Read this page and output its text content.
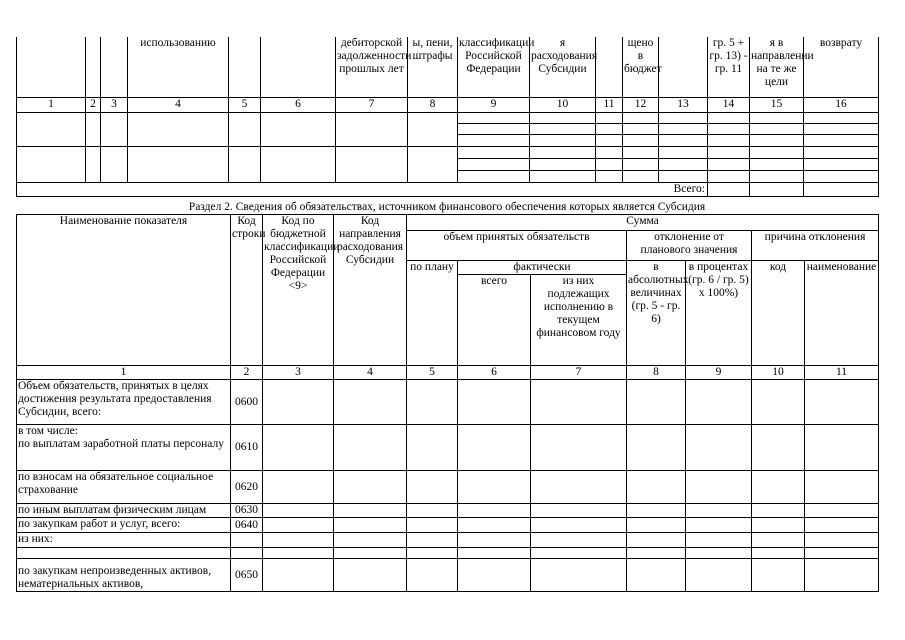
			использованию			дебиторской задолженности прошлых лет	ы, пени, штрафы	классификации Российской Федерации	я расходования Субсидии		щено в бюджет		гр. 5 + гр. 13) - гр. 11	я в направлении на те же цели	возврату
1	2	3	4	5	6	7	8	9	10	11	12	13	14	15	16

Всего:															
Раздел 2. Сведения об обязательствах, источником финансового обеспечения которых является Субсидия
Наименование показателя	Код строки	Код по бюджетной классификации Российской Федерации <9>	Код направления расходования Субсидии	Сумма						
				объем принятых обязательств			отклонение от планового значения		причина отклонения	
				по плану	фактически		в абсолютных величинах (гр. 5 - гр. 6)	в процентах (гр. 6 / гр. 5) x 100%)	код	наименование
					всего	из них подлежащих исполнению в текущем финансовом году				
1	2	3	4	5	6	7	8	9	10	11
Объем обязательств, принятых в целях достижения результата предоставления Субсидии, всего:	0600									
в том числе:
по выплатам заработной платы персоналу	0610									
по взносам на обязательное социальное страхование	0620									
по иным выплатам физическим лицам	0630									
по закупкам работ и услуг, всего:	0640									
из них:										

по закупкам непроизведенных активов, нематериальных активов,	0650									
